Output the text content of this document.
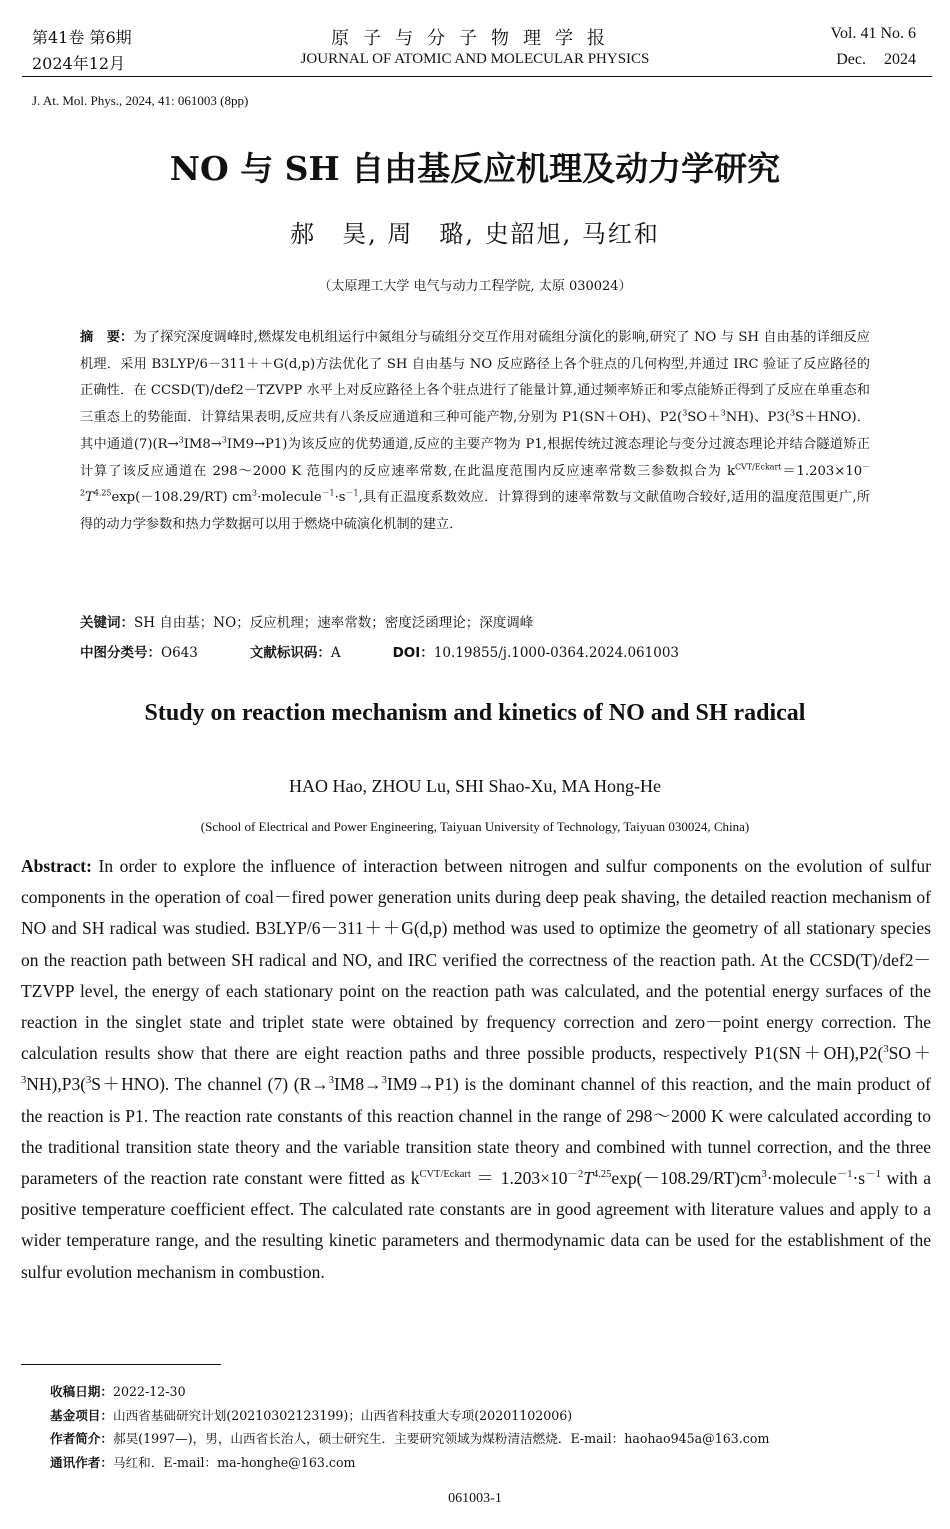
第41卷 第6期
2024年12月
原子与分子物理学报
JOURNAL OF ATOMIC AND MOLECULAR PHYSICS
Vol. 41 No. 6
Dec. 2024
J. At. Mol. Phys., 2024, 41: 061003 (8pp)
NO 与 SH 自由基反应机理及动力学研究
郝　昊, 周　璐, 史韶旭, 马红和
（太原理工大学 电气与动力工程学院, 太原 030024）

摘　要：为了探究深度调峰时,燃煤发电机组运行中氮组分与硫组分交互作用对硫组分演化的影响,研究了 NO 与 SH 自由基的详细反应机理．采用 B3LYP/6－311＋＋G(d,p)方法优化了 SH 自由基与 NO 反应路径上各个驻点的几何构型,并通过 IRC 验证了反应路径的正确性．在 CCSD(T)/def2－TZVPP 水平上对反应路径上各个驻点进行了能量计算,通过频率矫正和零点能矫正得到了反应在单重态和三重态上的势能面．计算结果表明,反应共有八条反应通道和三种可能产物,分别为 P1(SN＋OH)、P2($^3$SO＋$^3$NH)、P3($^3$S＋HNO)．其中通道(7)(R→$^3$IM8→$^3$IM9→P1)为该反应的优势通道,反应的主要产物为 P1,根据传统过渡态理论与变分过渡态理论并结合隧道矫正计算了该反应通道在 298～2000 K 范围内的反应速率常数,在此温度范围内反应速率常数三参数拟合为 $k^{CVT/Eckart}=1.203\times 10^{-2}T^{4.25}\exp(-108.29/RT)$ $cm^3\cdot molecule^{-1}\cdot s^{-1}$,具有正温度系数效应．计算得到的速率常数与文献值吻合较好,适用的温度范围更广,所得的动力学参数和热力学数据可以用于燃烧中硫演化机制的建立．

关键词：SH 自由基；NO；反应机理；速率常数；密度泛函理论；深度调峰
中图分类号：O643	文献标识码：A	DOI：10.19855/j.1000-0364.2024.061003
Study on reaction mechanism and kinetics of NO and SH radical
HAO Hao, ZHOU Lu, SHI Shao-Xu, MA Hong-He
(School of Electrical and Power Engineering, Taiyuan University of Technology, Taiyuan 030024, China)

Abstract: In order to explore the influence of interaction between nitrogen and sulfur components on the evolution of sulfur components in the operation of coal－fired power generation units during deep peak shaving, the detailed reaction mechanism of NO and SH radical was studied. B3LYP/6－311＋＋G(d,p) method was used to optimize the geometry of all stationary species on the reaction path between SH radical and NO, and IRC verified the correctness of the reaction path. At the CCSD(T)/def2－TZVPP level, the energy of each stationary point on the reaction path was calculated, and the potential energy surfaces of the reaction in the singlet state and triplet state were obtained by frequency correction and zero－point energy correction. The calculation results show that there are eight reaction paths and three possible products, respectively P1(SN＋OH),P2($^3$SO＋$^3$NH),P3($^3$S＋HNO). The channel (7) (R→$^3$IM8→$^3$IM9→P1) is the dominant channel of this reaction, and the main product of the reaction is P1. The reaction rate constants of this reaction channel in the range of 298～2000 K were calculated according to the traditional transition state theory and the variable transition state theory and combined with tunnel correction, and the three parameters of the reaction rate constant were fitted as $k^{CVT/Eckart}$ ＝ $1.203\times 10^{-2}T^{4.25}\exp(-108.29/RT)cm^3\cdot molecule^{-1}\cdot s^{-1}$ with a positive temperature coefficient effect. The calculated rate constants are in good agreement with literature values and apply to a wider temperature range, and the resulting kinetic parameters and thermodynamic data can be used for the establishment of the sulfur evolution mechanism in combustion.

收稿日期：2022-12-30
基金项目：山西省基础研究计划(20210302123199)；山西省科技重大专项(20201102006)
作者简介：郝昊(1997—)，男，山西省长治人，硕士研究生．主要研究领域为煤粉清洁燃烧．E-mail：haohao945a@163.com
通讯作者：马红和．E-mail：ma-honghe@163.com
061003-1
